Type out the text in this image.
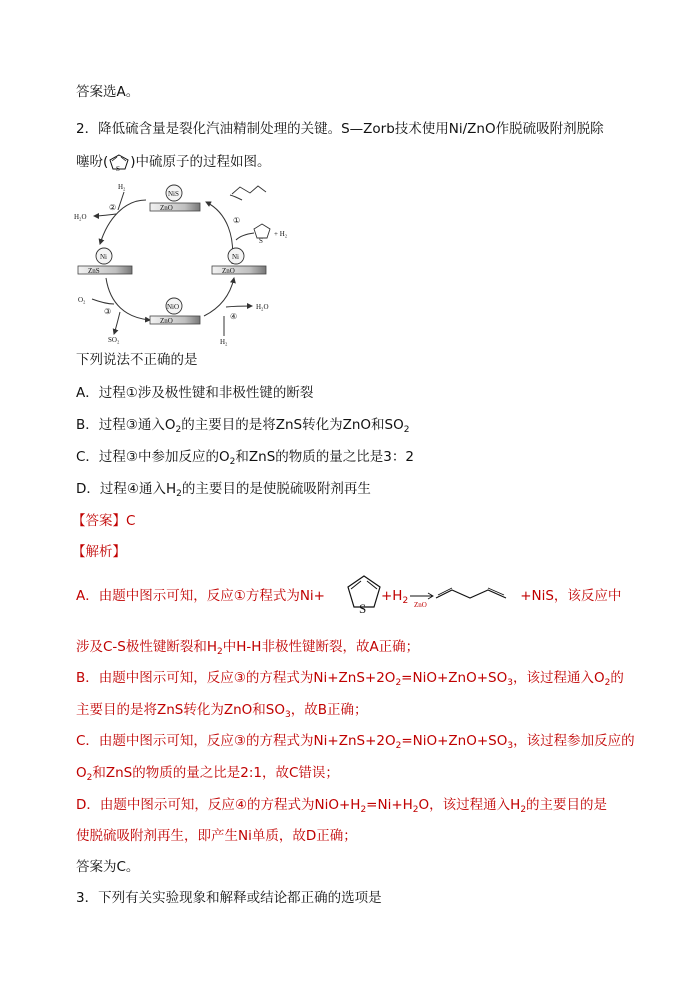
答案选A。
2．降低硫含量是裂化汽油精制处理的关键。S—Zorb技术使用Ni/ZnO作脱硫吸附剂脱除
噻吩( S )中硫原子的过程如图。
NiS
ZnO
H₂
H₂O
②
①
S
+ H₂
Ni
ZnS
Ni
ZnO
O₂
③
SO₂
NiO
ZnO	④
H₂O
H₂
下列说法不正确的是
A．过程①涉及极性键和非极性键的断裂
B．过程③通入$O_2$的主要目的是将ZnS转化为ZnO和$SO_2$
C．过程③中参加反应的$O_2$和ZnS的物质的量之比是3：2
D．过程④通入$H_2$的主要目的是使脱硫吸附剂再生
【答案】C
【解析】
A．由题中图示可知，反应①方程式为Ni+	$+H_2$	+NiS，该反应中
S	ZnO
涉及C-S极性键断裂和$H_2$中H-H非极性键断裂，故A正确；
B．由题中图示可知，反应③的方程式为$Ni+ZnS+2O_2=NiO+ZnO+SO_3$，该过程通入$O_2$的
主要目的是将ZnS转化为ZnO和$SO_3$，故B正确；
C．由题中图示可知，反应③的方程式为$Ni+ZnS+2O_2=NiO+ZnO+SO_3$，该过程参加反应的
$O_2$和ZnS的物质的量之比是2:1，故C错误；
D．由题中图示可知，反应④的方程式为$NiO+H_2=Ni+H_2O$，该过程通入$H_2$的主要目的是
使脱硫吸附剂再生，即产生Ni单质，故D正确；
答案为C。
3．下列有关实验现象和解释或结论都正确的选项是
